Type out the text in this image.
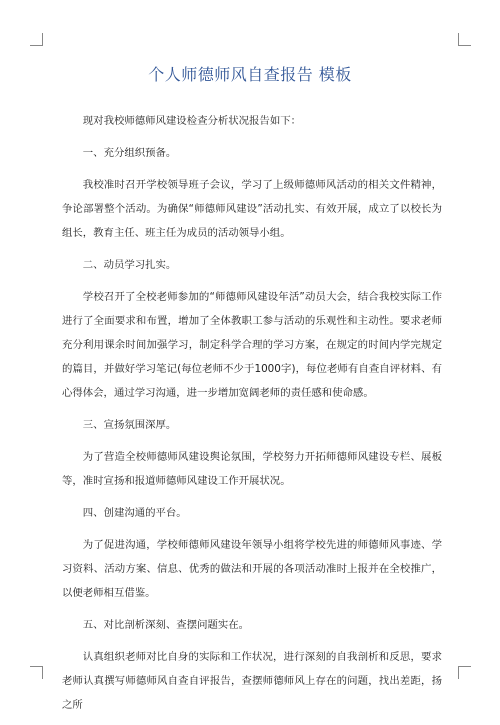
个人师德师风自查报告 模板

现对我校师德师风建设检查分析状况报告如下：

一、充分组织预备。

我校准时召开学校领导班子会议，学习了上级师德师风活动的相关文件精神，争论部署整个活动。为确保“师德师风建设”活动扎实、有效开展，成立了以校长为组长，教育主任、班主任为成员的活动领导小组。

二、动员学习扎实。

学校召开了全校老师参加的“师德师风建设年活”动员大会，结合我校实际工作进行了全面要求和布置，增加了全体教职工参与活动的乐观性和主动性。要求老师充分利用课余时间加强学习，制定科学合理的学习方案，在规定的时间内学完规定的篇目，并做好学习笔记(每位老师不少于1000字)，每位老师有自查自评材料、有心得体会，通过学习沟通，进一步增加宽阔老师的责任感和使命感。

三、宣扬氛围深厚。

为了营造全校师德师风建设舆论氛围，学校努力开拓师德师风建设专栏、展板等，准时宣扬和报道师德师风建设工作开展状况。

四、创建沟通的平台。

为了促进沟通，学校师德师风建设年领导小组将学校先进的师德师风事迹、学习资料、活动方案、信息、优秀的做法和开展的各项活动准时上报并在全校推广，以便老师相互借鉴。

五、对比剖析深刻、查摆问题实在。

认真组织老师对比自身的实际和工作状况，进行深刻的自我剖析和反思，要求老师认真撰写师德师风自查自评报告，查摆师德师风上存在的问题，找出差距，扬之所
